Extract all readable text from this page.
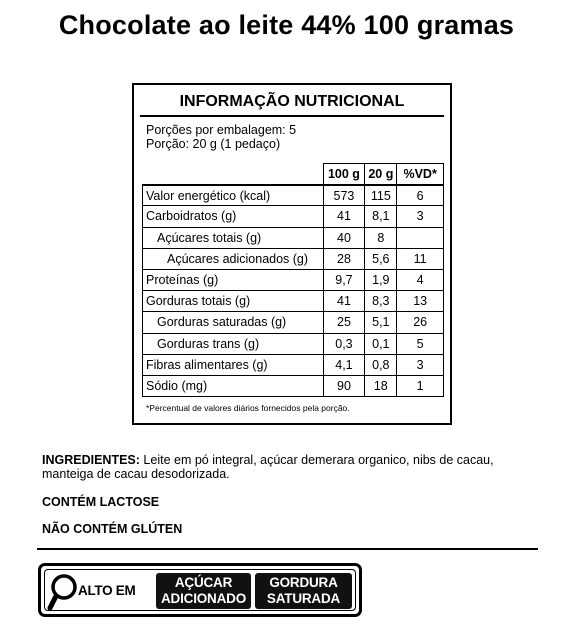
Chocolate ao leite 44% 100 gramas
INFORMAÇÃO NUTRICIONAL
Porções por embalagem: 5
Porção: 20 g (1 pedaço)
	100 g	20 g	%VD*
Valor energético (kcal)	573	115	6
Carboidratos (g)	41	8,1	3
Açúcares totais (g)	40	8	
Açúcares adicionados (g)	28	5,6	11
Proteínas (g)	9,7	1,9	4
Gorduras totais (g)	41	8,3	13
Gorduras saturadas (g)	25	5,1	26
Gorduras trans (g)	0,3	0,1	5
Fibras alimentares (g)	4,1	0,8	3
Sódio (mg)	90	18	1
*Percentual de valores diários fornecidos pela porção.
INGREDIENTES: Leite em pó integral, açúcar demerara organico, nibs de cacau, manteiga de cacau desodorizada.
CONTÉM LACTOSE
NÃO CONTÉM GLÚTEN
ALTO EM
AÇÚCAR
ADICIONADO
GORDURA
SATURADA
